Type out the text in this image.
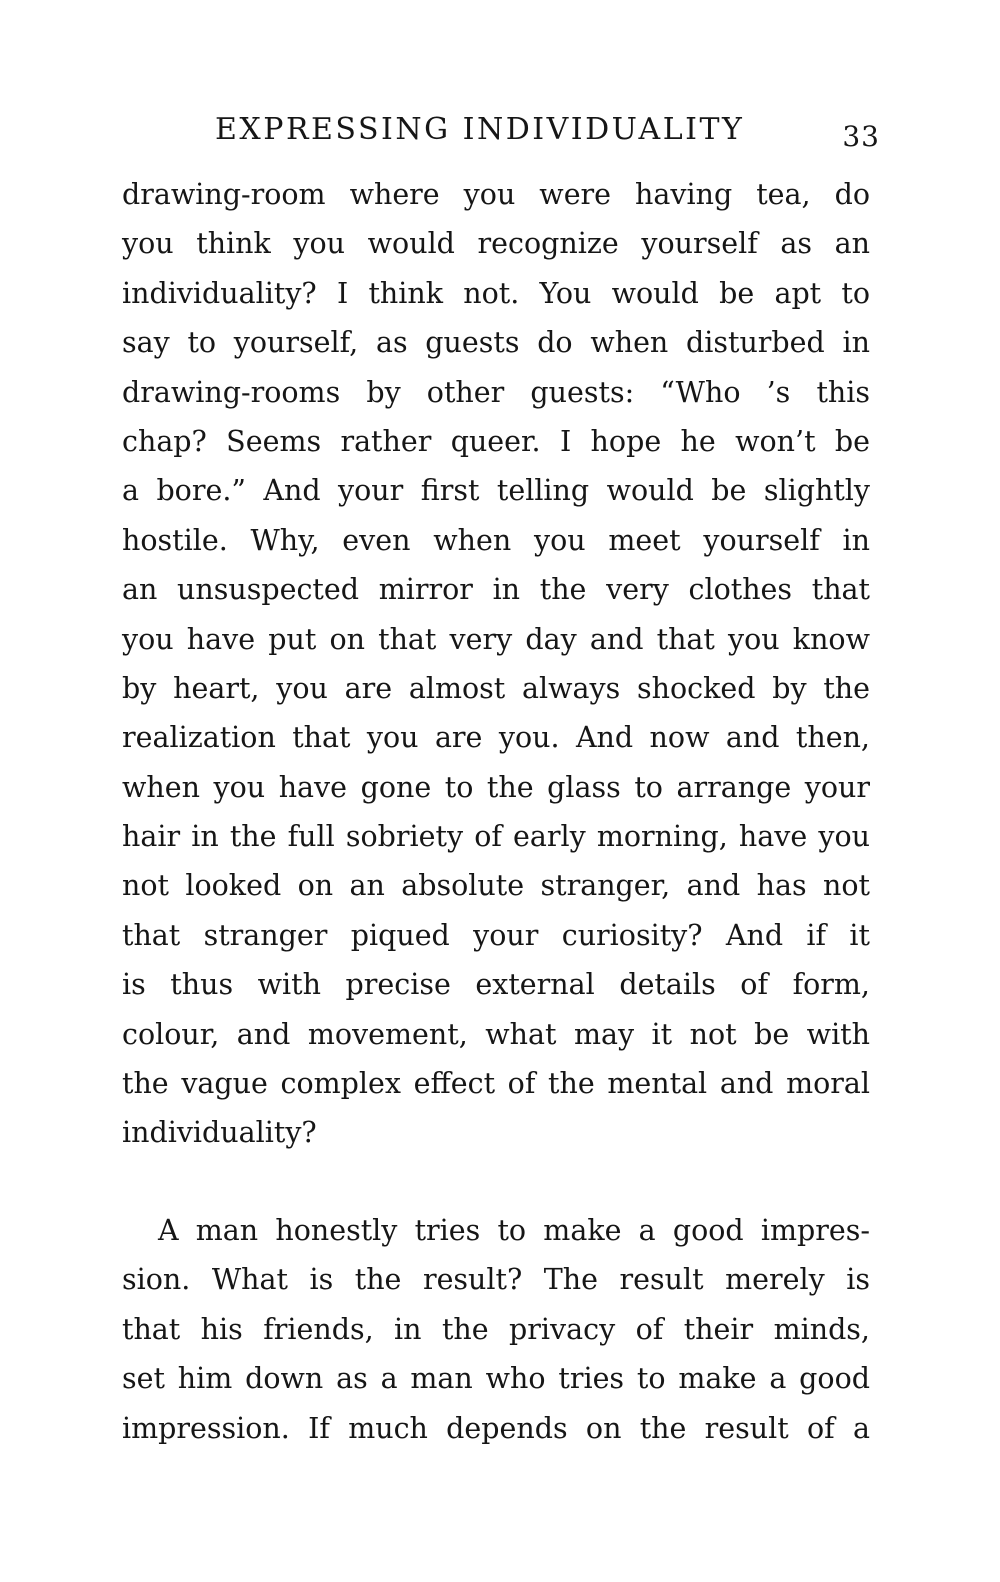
EXPRESSING INDIVIDUALITY	33
drawing-room where you were having tea, do
you think you would recognize yourself as an
individuality? I think not. You would be apt to
say to yourself, as guests do when disturbed in
drawing-rooms by other guests: “Who ’s this
chap? Seems rather queer. I hope he won’t be
a bore.” And your first telling would be slightly
hostile. Why, even when you meet yourself in
an unsuspected mirror in the very clothes that
you have put on that very day and that you know
by heart, you are almost always shocked by the
realization that you are you. And now and then,
when you have gone to the glass to arrange your
hair in the full sobriety of early morning, have you
not looked on an absolute stranger, and has not
that stranger piqued your curiosity? And if it
is thus with precise external details of form,
colour, and movement, what may it not be with
the vague complex effect of the mental and moral
individuality?
A man honestly tries to make a good impres-
sion. What is the result? The result merely is
that his friends, in the privacy of their minds,
set him down as a man who tries to make a good
impression. If much depends on the result of a
